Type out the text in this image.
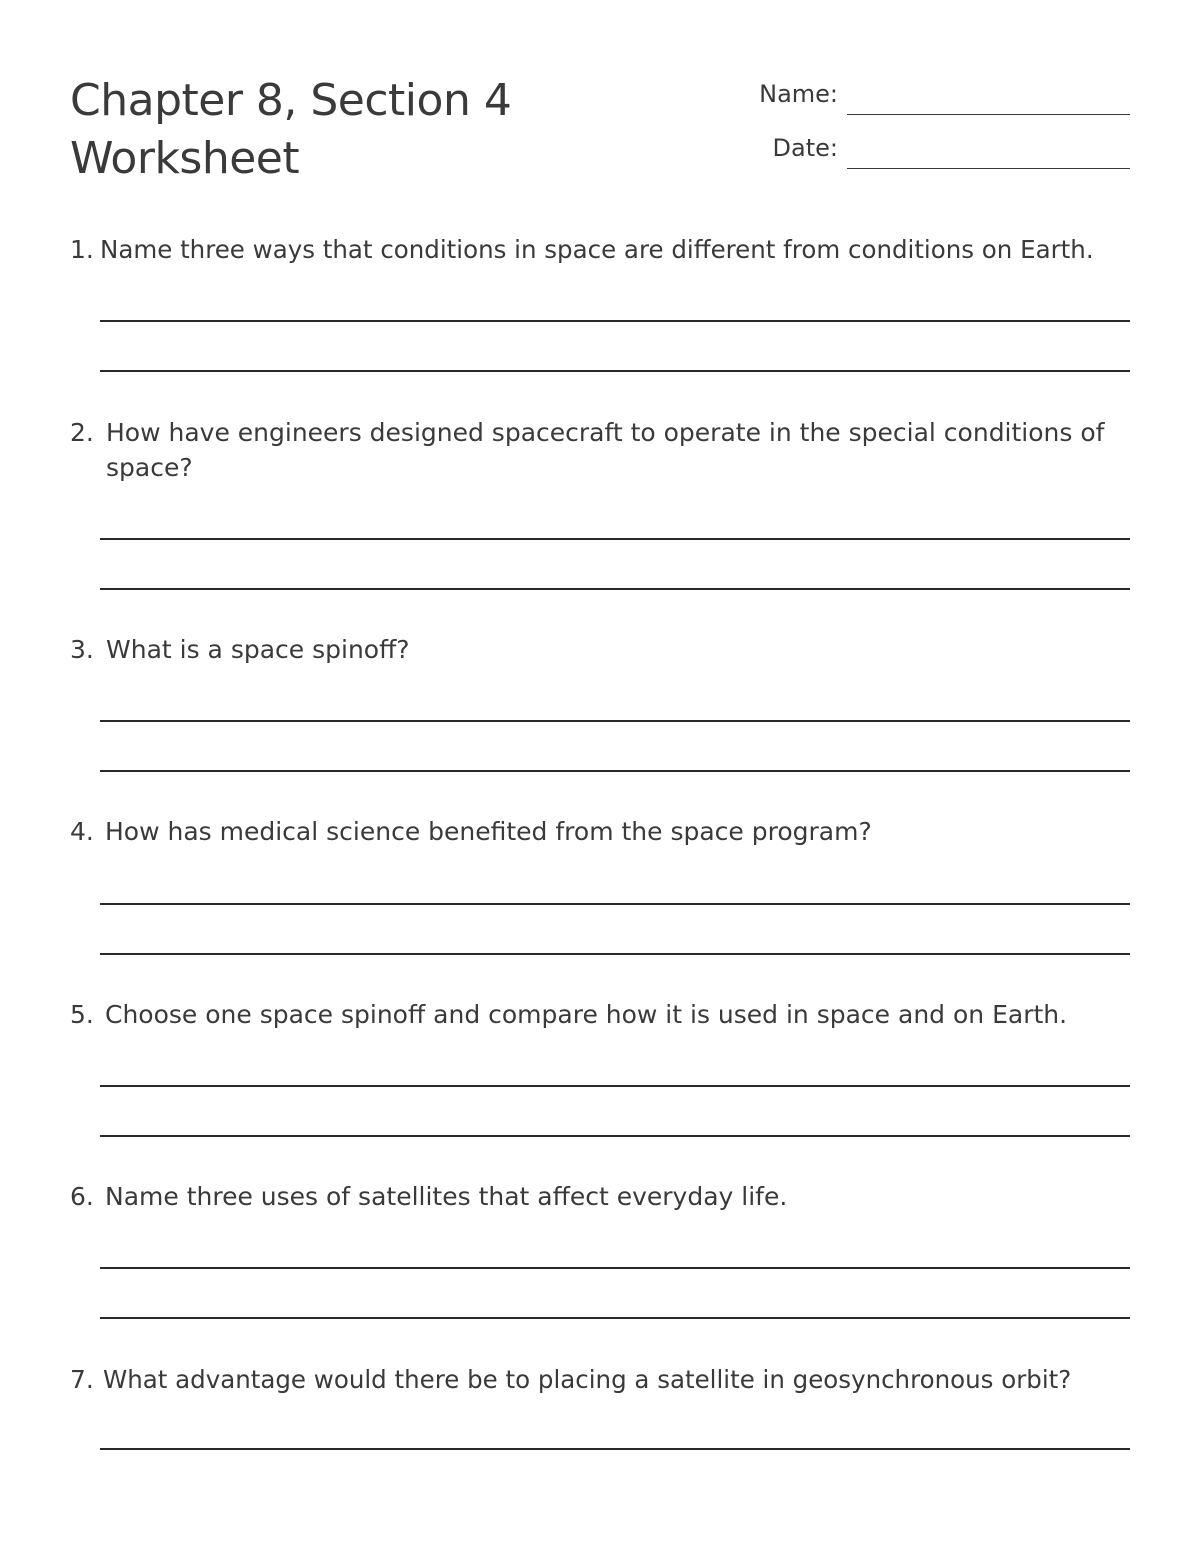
Chapter 8, Section 4
Worksheet
Name:
Date:
1. Name three ways that conditions in space are different from conditions on Earth.
2. How have engineers designed spacecraft to operate in the special conditions of space?
3. What is a space spinoff?
4. How has medical science benefited from the space program?
5. Choose one space spinoff and compare how it is used in space and on Earth.
6. Name three uses of satellites that affect everyday life.
7. What advantage would there be to placing a satellite in geosynchronous orbit?
